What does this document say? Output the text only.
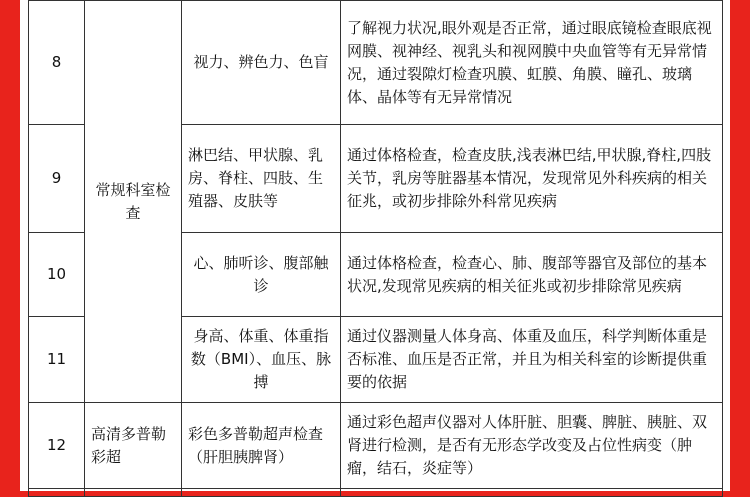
8	常规科室检查	视力、辨色力、色盲	了解视力状况,眼外观是否正常，通过眼底镜检查眼底视网膜、视神经、视乳头和视网膜中央血管等有无异常情况，通过裂隙灯检查巩膜、虹膜、角膜、瞳孔、玻璃体、晶体等有无异常情况
9		淋巴结、甲状腺、乳房、脊柱、四肢、生殖器、皮肤等	通过体格检查，检查皮肤,浅表淋巴结,甲状腺,脊柱,四肢关节，乳房等脏器基本情况，发现常见外科疾病的相关征兆，或初步排除外科常见疾病
10		心、肺听诊、腹部触诊	通过体格检查，检查心、肺、腹部等器官及部位的基本状况,发现常见疾病的相关征兆或初步排除常见疾病
11		身高、体重、体重指数（BMI）、血压、脉搏	通过仪器测量人体身高、体重及血压，科学判断体重是否标准、血压是否正常，并且为相关科室的诊断提供重要的依据
12	高清多普勒彩超	彩色多普勒超声检查（肝胆胰脾肾）	通过彩色超声仪器对人体肝脏、胆囊、脾脏、胰脏、双肾进行检测，是否有无形态学改变及占位性病变（肿瘤，结石，炎症等）
